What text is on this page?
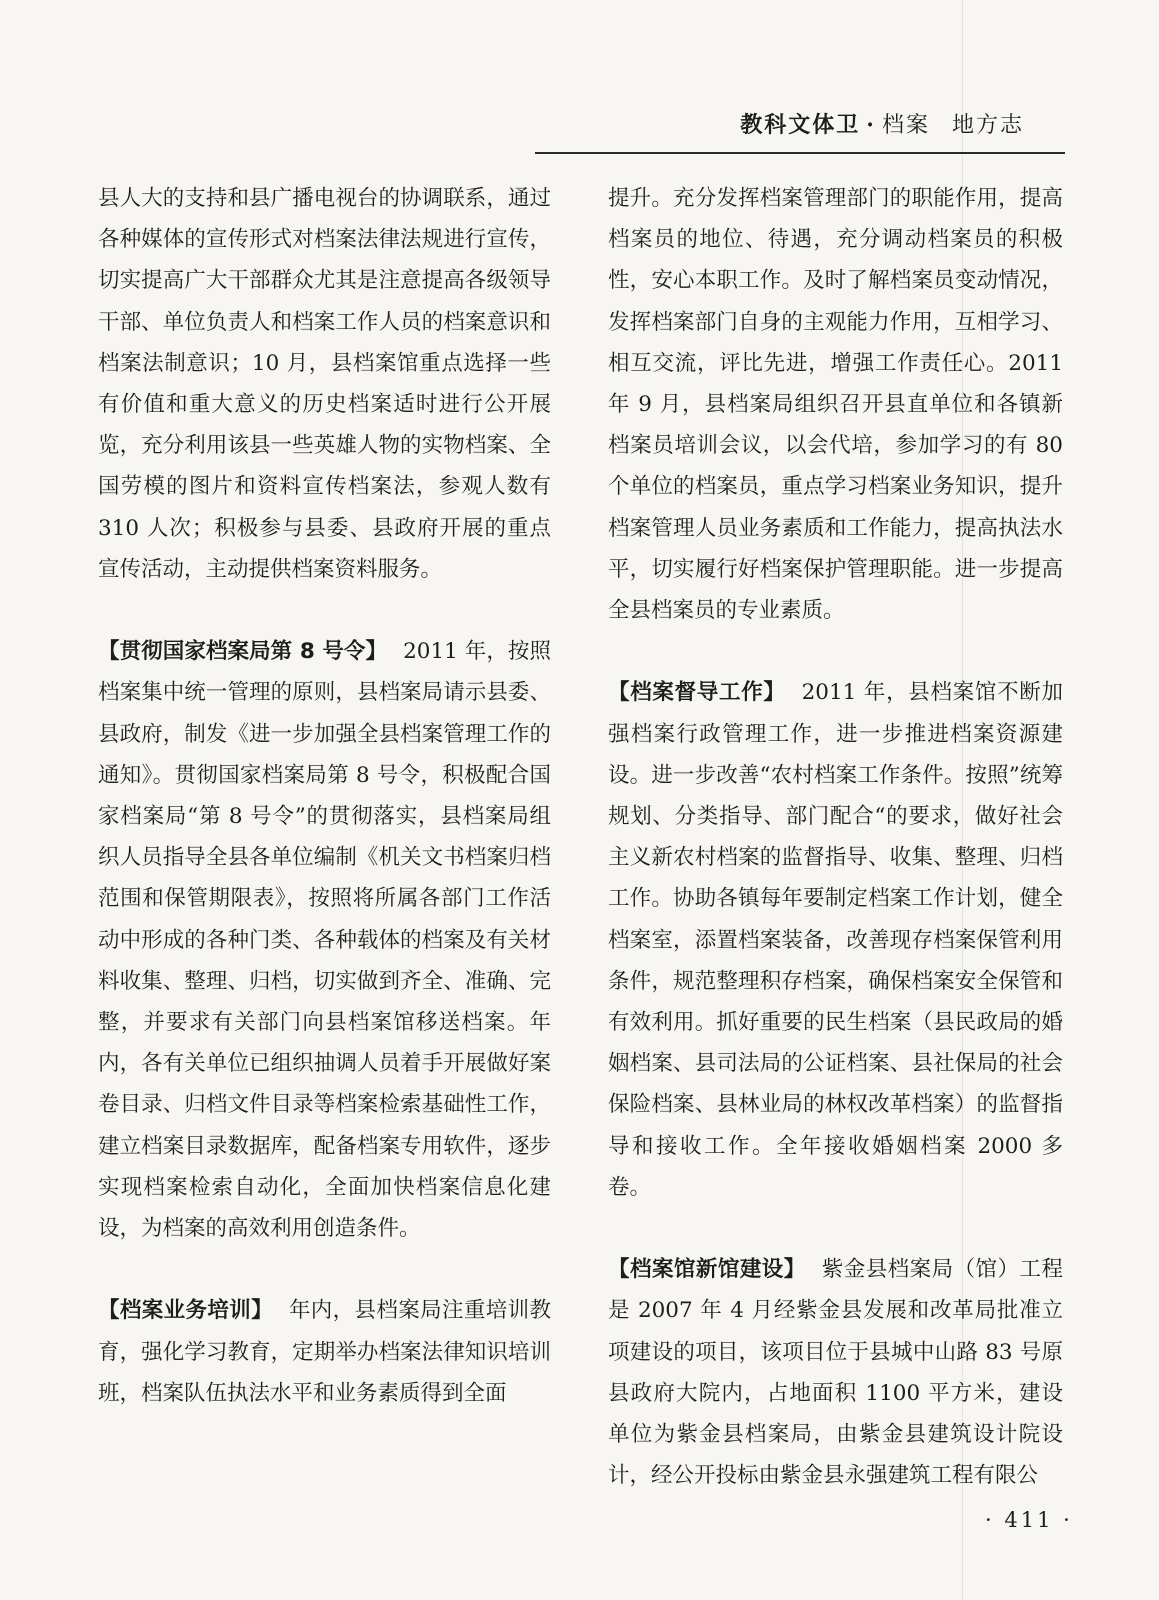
教科文体卫 · 档案 地方志

县人大的支持和县广播电视台的协调联系，通过各种媒体的宣传形式对档案法律法规进行宣传，切实提高广大干部群众尤其是注意提高各级领导干部、单位负责人和档案工作人员的档案意识和档案法制意识；10 月，县档案馆重点选择一些有价值和重大意义的历史档案适时进行公开展览，充分利用该县一些英雄人物的实物档案、全国劳模的图片和资料宣传档案法，参观人数有 310 人次；积极参与县委、县政府开展的重点宣传活动，主动提供档案资料服务。

【贯彻国家档案局第 8 号令】 2011 年，按照档案集中统一管理的原则，县档案局请示县委、县政府，制发《进一步加强全县档案管理工作的通知》。贯彻国家档案局第 8 号令，积极配合国家档案局“第 8 号令”的贯彻落实，县档案局组织人员指导全县各单位编制《机关文书档案归档范围和保管期限表》，按照将所属各部门工作活动中形成的各种门类、各种载体的档案及有关材料收集、整理、归档，切实做到齐全、准确、完整，并要求有关部门向县档案馆移送档案。年内，各有关单位已组织抽调人员着手开展做好案卷目录、归档文件目录等档案检索基础性工作，建立档案目录数据库，配备档案专用软件，逐步实现档案检索自动化，全面加快档案信息化建设，为档案的高效利用创造条件。

【档案业务培训】 年内，县档案局注重培训教育，强化学习教育，定期举办档案法律知识培训班，档案队伍执法水平和业务素质得到全面

提升。充分发挥档案管理部门的职能作用，提高档案员的地位、待遇，充分调动档案员的积极性，安心本职工作。及时了解档案员变动情况，发挥档案部门自身的主观能力作用，互相学习、相互交流，评比先进，增强工作责任心。2011 年 9 月，县档案局组织召开县直单位和各镇新档案员培训会议，以会代培，参加学习的有 80 个单位的档案员，重点学习档案业务知识，提升档案管理人员业务素质和工作能力，提高执法水平，切实履行好档案保护管理职能。进一步提高全县档案员的专业素质。

【档案督导工作】 2011 年，县档案馆不断加强档案行政管理工作，进一步推进档案资源建设。进一步改善“农村档案工作条件。按照”统筹规划、分类指导、部门配合“的要求，做好社会主义新农村档案的监督指导、收集、整理、归档工作。协助各镇每年要制定档案工作计划，健全档案室，添置档案装备，改善现存档案保管利用条件，规范整理积存档案，确保档案安全保管和有效利用。抓好重要的民生档案（县民政局的婚姻档案、县司法局的公证档案、县社保局的社会保险档案、县林业局的林权改革档案）的监督指导和接收工作。全年接收婚姻档案 2000 多卷。

【档案馆新馆建设】 紫金县档案局（馆）工程是 2007 年 4 月经紫金县发展和改革局批准立项建设的项目，该项目位于县城中山路 83 号原县政府大院内，占地面积 1100 平方米，建设单位为紫金县档案局，由紫金县建筑设计院设计，经公开投标由紫金县永强建筑工程有限公

· 411 ·
